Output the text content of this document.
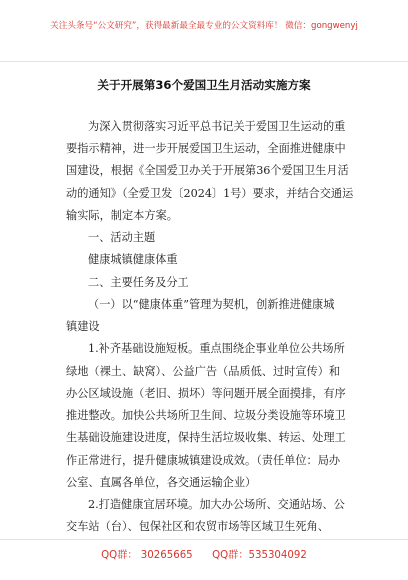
关注头条号“公文研究”，获得最新最全最专业的公文资料库！ 微信：gongwenyj
关于开展第36个爱国卫生月活动实施方案
为深入贯彻落实习近平总书记关于爱国卫生运动的重
要指示精神，进一步开展爱国卫生运动，全面推进健康中
国建设，根据《全国爱卫办关于开展第36个爱国卫生月活
动的通知》（全爱卫发〔2024〕1号）要求，并结合交通运
输实际，制定本方案。
一、活动主题
健康城镇健康体重
二、主要任务及分工
（一）以“健康体重”管理为契机，创新推进健康城
镇建设
1.补齐基础设施短板。重点围绕企事业单位公共场所
绿地（裸土、缺窝）、公益广告（品质低、过时宣传）和
办公区域设施（老旧、损坏）等问题开展全面摸排，有序
推进整改。加快公共场所卫生间、垃圾分类设施等环境卫
生基础设施建设进度，保持生活垃圾收集、转运、处理工
作正常进行，提升健康城镇建设成效。（责任单位：局办
公室、直属各单位，各交通运输企业）
2.打造健康宜居环境。加大办公场所、交通站场、公
交车站（台）、包保社区和农贸市场等区域卫生死角、
QQ群： 30265665      QQ群：535304092
